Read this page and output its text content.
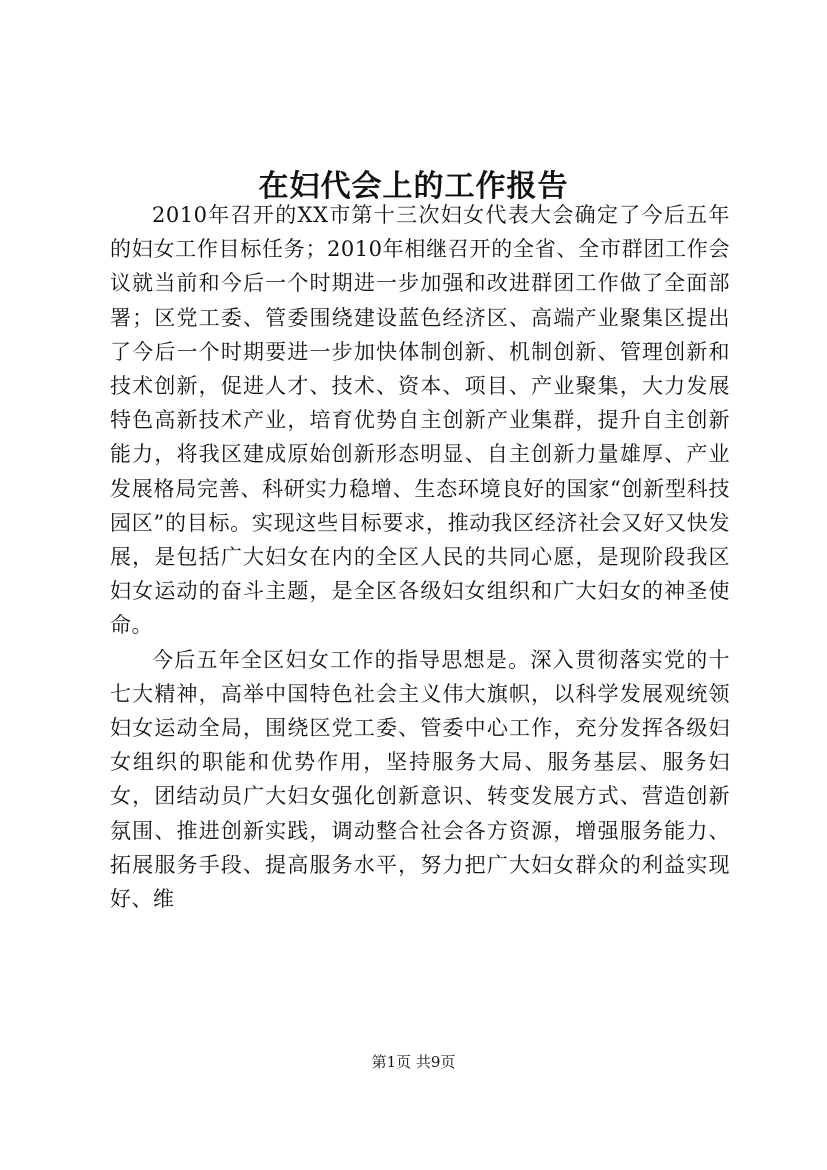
在妇代会上的工作报告

2010年召开的XX市第十三次妇女代表大会确定了今后五年的妇女工作目标任务；2010年相继召开的全省、全市群团工作会议就当前和今后一个时期进一步加强和改进群团工作做了全面部署；区党工委、管委围绕建设蓝色经济区、高端产业聚集区提出了今后一个时期要进一步加快体制创新、机制创新、管理创新和技术创新，促进人才、技术、资本、项目、产业聚集，大力发展特色高新技术产业，培育优势自主创新产业集群，提升自主创新能力，将我区建成原始创新形态明显、自主创新力量雄厚、产业发展格局完善、科研实力稳增、生态环境良好的国家“创新型科技园区”的目标。实现这些目标要求，推动我区经济社会又好又快发展，是包括广大妇女在内的全区人民的共同心愿，是现阶段我区妇女运动的奋斗主题，是全区各级妇女组织和广大妇女的神圣使命。

今后五年全区妇女工作的指导思想是。深入贯彻落实党的十七大精神，高举中国特色社会主义伟大旗帜，以科学发展观统领妇女运动全局，围绕区党工委、管委中心工作，充分发挥各级妇女组织的职能和优势作用，坚持服务大局、服务基层、服务妇女，团结动员广大妇女强化创新意识、转变发展方式、营造创新氛围、推进创新实践，调动整合社会各方资源，增强服务能力、拓展服务手段、提高服务水平，努力把广大妇女群众的利益实现好、维

第1页 共9页
